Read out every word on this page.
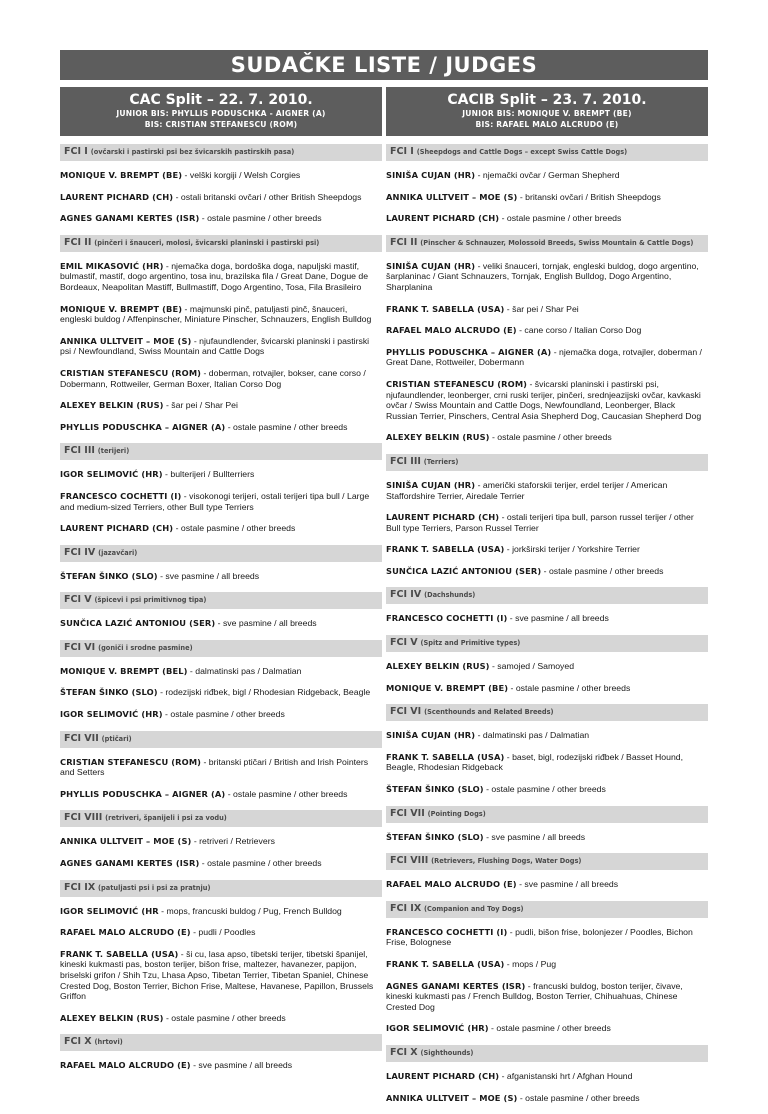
SUDAČKE LISTE / JUDGES
CAC Split – 22. 7. 2010.
JUNIOR BIS: PHYLLIS PODUSCHKA - AIGNER (A)
BIS: CRISTIAN STEFANESCU (ROM)
FCI I (ovčarski i pastirski psi bez švicarskih pastirskih pasa)
MONIQUE V. BREMPT (BE) - velški korgiji / Welsh Corgies
LAURENT PICHARD (CH) - ostali britanski ovčari / other British Sheepdogs
AGNES GANAMI KERTES (ISR) - ostale pasmine / other breeds
FCI II (pinčeri i šnauceri, molosi, švicarski planinski i pastirski psi)
EMIL MIKASOVIĆ (HR) - njemačka doga, bordoška doga, napuljski mastif, bulmastif, mastif, dogo argentino, tosa inu, brazilska fila / Great Dane, Dogue de Bordeaux, Neapolitan Mastiff, Bullmastiff, Dogo Argentino, Tosa, Fila Brasileiro
MONIQUE V. BREMPT (BE) - majmunski pinč, patuljasti pinč, šnauceri, engleski buldog / Affenpinscher, Miniature Pinscher, Schnauzers, English Bulldog
ANNIKA ULLTVEIT – MOE (S) - njufaundlender, švicarski planinski i pastirski psi / Newfoundland, Swiss Mountain and Cattle Dogs
CRISTIAN STEFANESCU (ROM) - doberman, rotvajler, bokser, cane corso / Dobermann, Rottweiler, German Boxer, Italian Corso Dog
ALEXEY BELKIN (RUS) - šar pei / Shar Pei
PHYLLIS PODUSCHKA – AIGNER (A) - ostale pasmine / other breeds
FCI III (terijeri)
IGOR SELIMOVIĆ (HR) - bulterijeri / Bullterriers
FRANCESCO COCHETTI (I) - visokonogi terijeri, ostali terijeri tipa bull / Large and medium-sized Terriers, other Bull type Terriers
LAURENT PICHARD (CH) - ostale pasmine / other breeds
FCI IV (jazavčari)
ŠTEFAN ŠINKO (SLO) - sve pasmine / all breeds
FCI V (špicevi i psi primitivnog tipa)
SUNČICA LAZIĆ ANTONIOU (SER) - sve pasmine / all breeds
FCI VI (goniči i srodne pasmine)
MONIQUE V. BREMPT (BEL) - dalmatinski pas / Dalmatian
ŠTEFAN ŠINKO (SLO) - rodezijski riđbek, bigl / Rhodesian Ridgeback, Beagle
IGOR SELIMOVIĆ (HR) - ostale pasmine / other breeds
FCI VII (ptičari)
CRISTIAN STEFANESCU (ROM) - britanski ptičari / British and Irish Pointers and Setters
PHYLLIS PODUSCHKA – AIGNER (A) - ostale pasmine / other breeds
FCI VIII (retriveri, španijeli i psi za vodu)
ANNIKA ULLTVEIT – MOE (S) - retriveri / Retrievers
AGNES GANAMI KERTES (ISR) - ostale pasmine / other breeds
FCI IX (patuljasti psi i psi za pratnju)
IGOR SELIMOVIĆ (HR - mops, francuski buldog / Pug, French Bulldog
RAFAEL MALO ALCRUDO (E) - pudli / Poodles
FRANK T. SABELLA (USA) - ši cu, lasa apso, tibetski terijer, tibetski španijel, kineski kukmasti pas, boston terijer, bišon frise, maltezer, havanezer, papijon, briselski grifon / Shih Tzu, Lhasa Apso, Tibetan Terrier, Tibetan Spaniel, Chinese Crested Dog, Boston Terrier, Bichon Frise, Maltese, Havanese, Papillon, Brussels Griffon
ALEXEY BELKIN (RUS) - ostale pasmine / other breeds
FCI X (hrtovi)
RAFAEL MALO ALCRUDO (E) - sve pasmine / all breeds
CACIB Split – 23. 7. 2010.
JUNIOR BIS: MONIQUE V. BREMPT (BE)
BIS: RAFAEL MALO ALCRUDO (E)
FCI I (Sheepdogs and Cattle Dogs – except Swiss Cattle Dogs)
SINIŠA CUJAN (HR) - njemački ovčar / German Shepherd
ANNIKA ULLTVEIT – MOE (S) - britanski ovčari / British Sheepdogs
LAURENT PICHARD (CH) - ostale pasmine / other breeds
FCI II (Pinscher & Schnauzer, Molossoid Breeds, Swiss Mountain & Cattle Dogs)
SINIŠA CUJAN (HR) - veliki šnauceri, tornjak, engleski buldog, dogo argentino, šarplaninac / Giant Schnauzers, Tornjak, English Bulldog, Dogo Argentino, Sharplanina
FRANK T. SABELLA (USA) - šar pei / Shar Pei
RAFAEL MALO ALCRUDO (E) - cane corso / Italian Corso Dog
PHYLLIS PODUSCHKA – AIGNER (A) - njemačka doga, rotvajler, doberman / Great Dane, Rottweiler, Dobermann
CRISTIAN STEFANESCU (ROM) - švicarski planinski i pastirski psi, njufaundlender, leonberger, crni ruski terijer, pinčeri, srednjeazijski ovčar, kavkaski ovčar / Swiss Mountain and Cattle Dogs, Newfoundland, Leonberger, Black Russian Terrier, Pinschers, Central Asia Shepherd Dog, Caucasian Shepherd Dog
ALEXEY BELKIN (RUS) - ostale pasmine / other breeds
FCI III (Terriers)
SINIŠA CUJAN (HR) - američki staforskii terijer, erdel terijer / American Staffordshire Terrier, Airedale Terrier
LAURENT PICHARD (CH) - ostali terijeri tipa bull, parson russel terijer / other Bull type Terriers, Parson Russel Terrier
FRANK T. SABELLA (USA) - jorkširski terijer / Yorkshire Terrier
SUNČICA LAZIĆ ANTONIOU (SER) - ostale pasmine / other breeds
FCI IV (Dachshunds)
FRANCESCO COCHETTI (I) - sve pasmine / all breeds
FCI V (Spitz and Primitive types)
ALEXEY BELKIN (RUS) - samojed / Samoyed
MONIQUE V. BREMPT (BE) - ostale pasmine / other breeds
FCI VI (Scenthounds and Related Breeds)
SINIŠA CUJAN (HR) - dalmatinski pas / Dalmatian
FRANK T. SABELLA (USA) - baset, bigl, rodezijski riđbek / Basset Hound, Beagle, Rhodesian Ridgeback
ŠTEFAN ŠINKO (SLO) - ostale pasmine / other breeds
FCI VII (Pointing Dogs)
ŠTEFAN ŠINKO (SLO) - sve pasmine / all breeds
FCI VIII (Retrievers, Flushing Dogs, Water Dogs)
RAFAEL MALO ALCRUDO (E) - sve pasmine / all breeds
FCI IX (Companion and Toy Dogs)
FRANCESCO COCHETTI (I) - pudli, bišon frise, bolonjezer / Poodles, Bichon Frise, Bolognese
FRANK T. SABELLA (USA) - mops / Pug
AGNES GANAMI KERTES (ISR) - francuski buldog, boston terijer, čivave, kineski kukmasti pas / French Bulldog, Boston Terrier, Chihuahuas, Chinese Crested Dog
IGOR SELIMOVIĆ (HR) - ostale pasmine / other breeds
FCI X (Sighthounds)
LAURENT PICHARD (CH) - afganistanski hrt / Afghan Hound
ANNIKA ULLTVEIT – MOE (S) - ostale pasmine / other breeds
